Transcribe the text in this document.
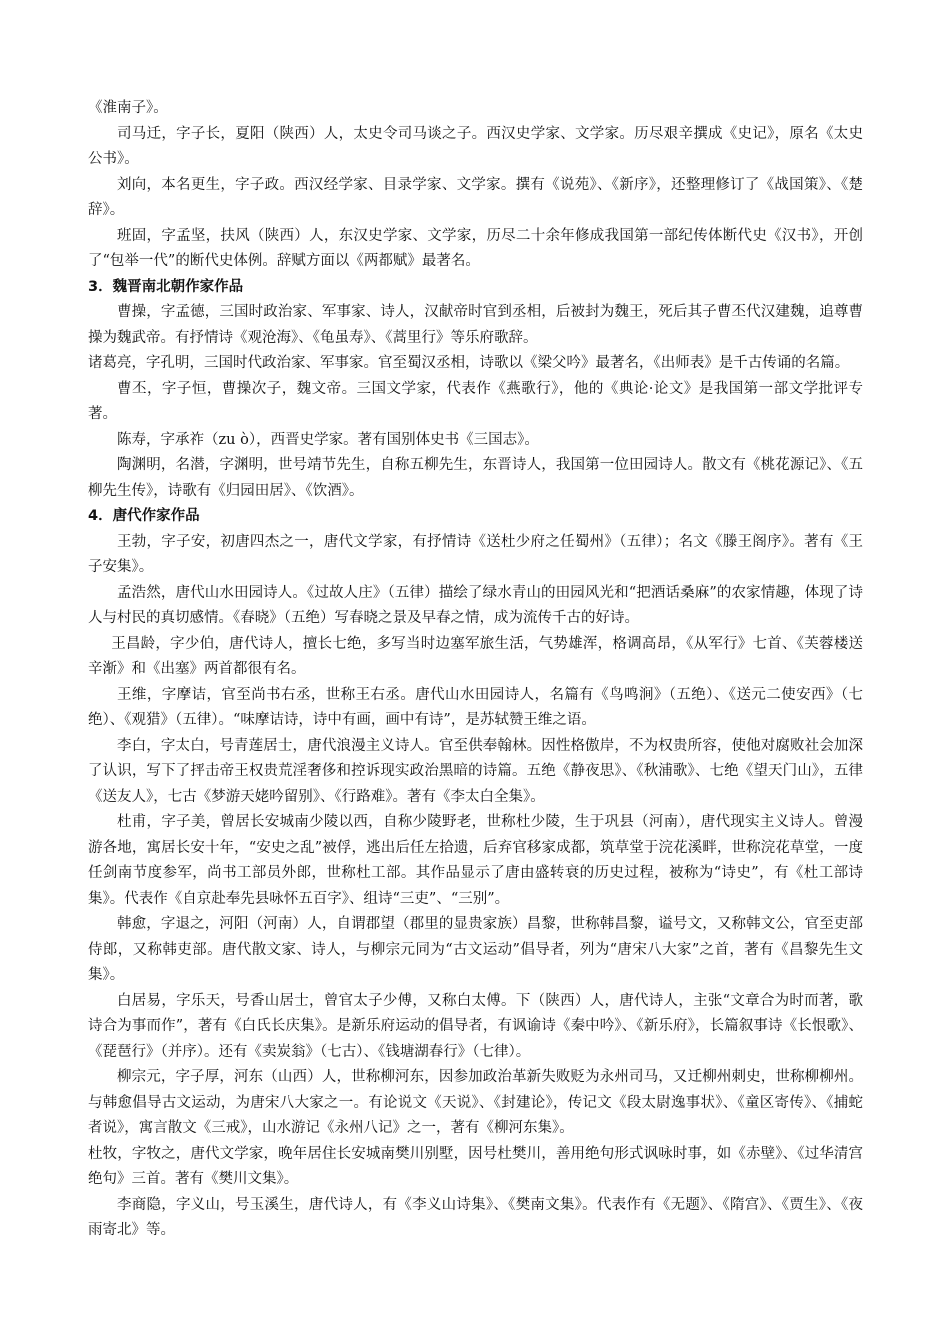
《淮南子》。

司马迁，字子长，夏阳（陕西）人，太史令司马谈之子。西汉史学家、文学家。历尽艰辛撰成《史记》，原名《太史公书》。

刘向，本名更生，字子政。西汉经学家、目录学家、文学家。撰有《说苑》、《新序》，还整理修订了《战国策》、《楚辞》。

班固，字孟坚，扶风（陕西）人，东汉史学家、文学家，历尽二十余年修成我国第一部纪传体断代史《汉书》，开创了“包举一代”的断代史体例。辞赋方面以《两都赋》最著名。

3．魏晋南北朝作家作品

曹操，字孟德，三国时政治家、军事家、诗人，汉献帝时官到丞相，后被封为魏王，死后其子曹丕代汉建魏，追尊曹操为魏武帝。有抒情诗《观沧海》、《龟虽寿》、《蒿里行》等乐府歌辞。

诸葛亮，字孔明，三国时代政治家、军事家。官至蜀汉丞相，诗歌以《梁父吟》最著名，《出师表》是千古传诵的名篇。

曹丕，字子恒，曹操次子，魏文帝。三国文学家，代表作《燕歌行》，他的《典论·论文》是我国第一部文学批评专著。

陈寿，字承祚（zu ò），西晋史学家。著有国别体史书《三国志》。

陶渊明，名潜，字渊明，世号靖节先生，自称五柳先生，东晋诗人，我国第一位田园诗人。散文有《桃花源记》、《五柳先生传》，诗歌有《归园田居》、《饮酒》。

4．唐代作家作品

王勃，字子安，初唐四杰之一，唐代文学家，有抒情诗《送杜少府之任蜀州》（五律）；名文《滕王阁序》。著有《王子安集》。

孟浩然，唐代山水田园诗人。《过故人庄》（五律）描绘了绿水青山的田园风光和“把酒话桑麻”的农家情趣，体现了诗人与村民的真切感情。《春晓》（五绝）写春晓之景及早春之情，成为流传千古的好诗。

王昌龄，字少伯，唐代诗人，擅长七绝，多写当时边塞军旅生活，气势雄浑，格调高昂，《从军行》七首、《芙蓉楼送辛渐》和《出塞》两首都很有名。

王维，字摩诘，官至尚书右丞，世称王右丞。唐代山水田园诗人，名篇有《鸟鸣涧》（五绝）、《送元二使安西》（七绝）、《观猎》（五律）。“味摩诘诗，诗中有画，画中有诗”，是苏轼赞王维之语。

李白，字太白，号青莲居士，唐代浪漫主义诗人。官至供奉翰林。因性格傲岸，不为权贵所容，使他对腐败社会加深了认识，写下了抨击帝王权贵荒淫奢侈和控诉现实政治黑暗的诗篇。五绝《静夜思》、《秋浦歌》、七绝《望天门山》，五律《送友人》，七古《梦游天姥吟留别》、《行路难》。著有《李太白全集》。

杜甫，字子美，曾居长安城南少陵以西，自称少陵野老，世称杜少陵，生于巩县（河南），唐代现实主义诗人。曾漫游各地，寓居长安十年，“安史之乱”被俘，逃出后任左拾遗，后弃官移家成都，筑草堂于浣花溪畔，世称浣花草堂，一度任剑南节度参军，尚书工部员外郎，世称杜工部。其作品显示了唐由盛转衰的历史过程，被称为“诗史”，有《杜工部诗集》。代表作《自京赴奉先县咏怀五百字》、组诗“三吏”、“三别”。

韩愈，字退之，河阳（河南）人，自谓郡望（郡里的显贵家族）昌黎，世称韩昌黎，谥号文，又称韩文公，官至吏部侍郎，又称韩吏部。唐代散文家、诗人，与柳宗元同为“古文运动”倡导者，列为“唐宋八大家”之首，著有《昌黎先生文集》。

白居易，字乐天，号香山居士，曾官太子少傅，又称白太傅。下（陕西）人，唐代诗人，主张“文章合为时而著，歌诗合为事而作”，著有《白氏长庆集》。是新乐府运动的倡导者，有讽谕诗《秦中吟》、《新乐府》，长篇叙事诗《长恨歌》、《琵琶行》（并序）。还有《卖炭翁》（七古）、《钱塘湖春行》（七律）。

柳宗元，字子厚，河东（山西）人，世称柳河东，因参加政治革新失败贬为永州司马，又迁柳州刺史，世称柳柳州。与韩愈倡导古文运动，为唐宋八大家之一。有论说文《天说》、《封建论》，传记文《段太尉逸事状》、《童区寄传》、《捕蛇者说》，寓言散文《三戒》，山水游记《永州八记》之一，著有《柳河东集》。

杜牧，字牧之，唐代文学家，晚年居住长安城南樊川别墅，因号杜樊川，善用绝句形式讽咏时事，如《赤壁》、《过华清宫绝句》三首。著有《樊川文集》。

李商隐，字义山，号玉溪生，唐代诗人，有《李义山诗集》、《樊南文集》。代表作有《无题》、《隋宫》、《贾生》、《夜雨寄北》等。
